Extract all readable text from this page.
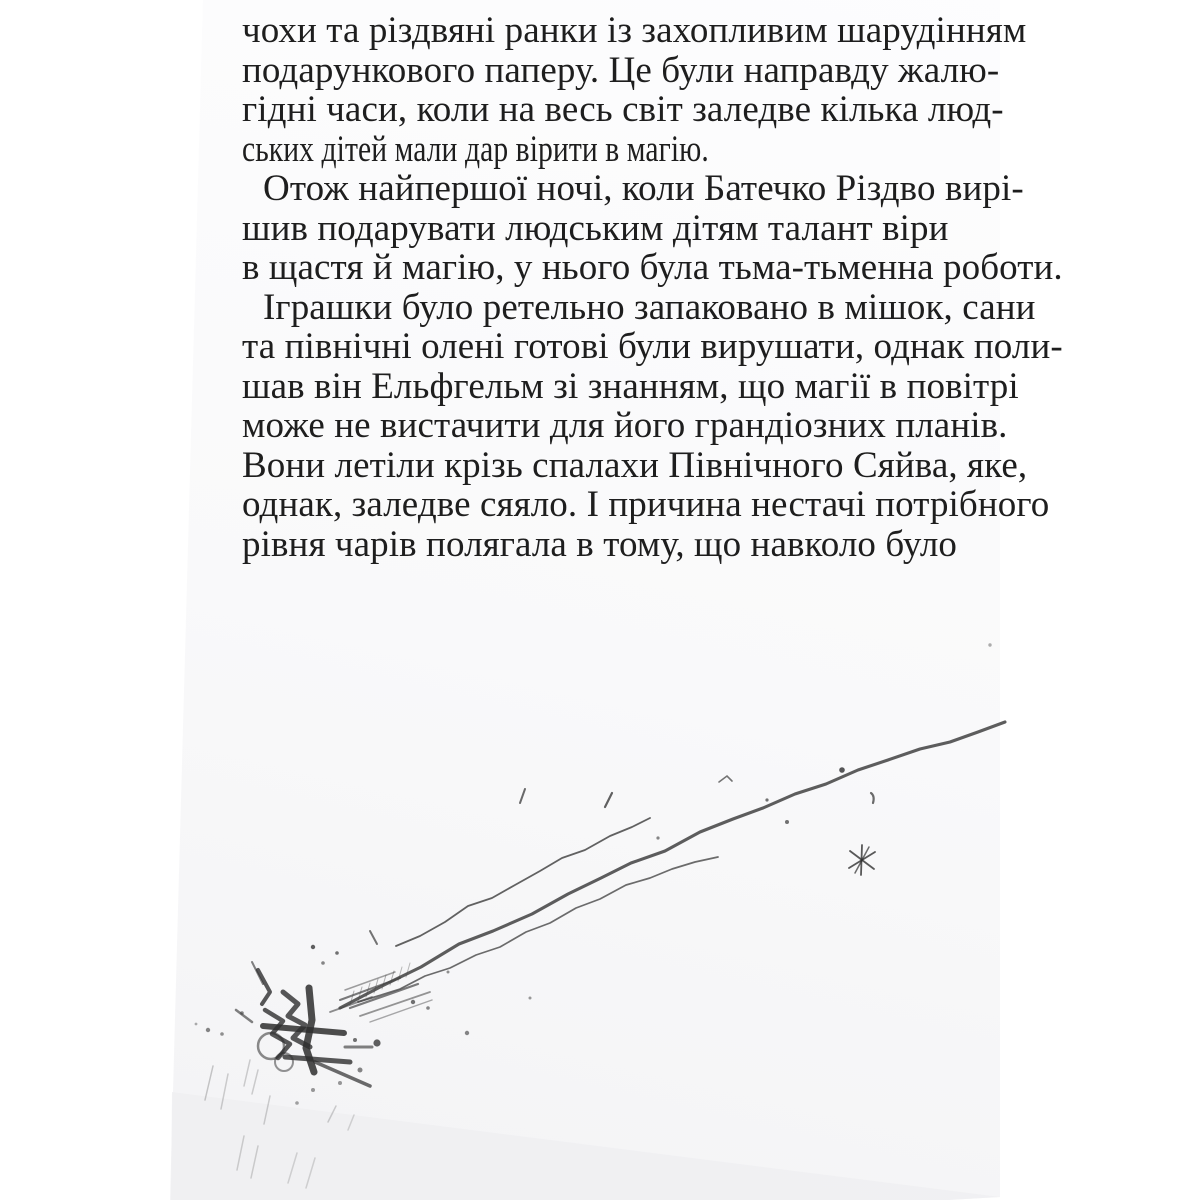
чохи та різдвяні ранки із захопливим шарудінням
подарункового паперу. Це були направду жалю-
гідні часи, коли на весь світ заледве кілька люд-
ських дітей мали дар вірити в магію.
Отож найпершої ночі, коли Батечко Різдво вирі-
шив подарувати людським дітям талант віри
в щастя й магію, у нього була тьма-тьменна роботи.
Іграшки було ретельно запаковано в мішок, сани
та північні олені готові були вирушати, однак поли-
шав він Ельфгельм зі знанням, що магії в повітрі
може не вистачити для його грандіозних планів.
Вони летіли крізь спалахи Північного Сяйва, яке,
однак, заледве сяяло. І причина нестачі потрібного
рівня чарів полягала в тому, що навколо було
